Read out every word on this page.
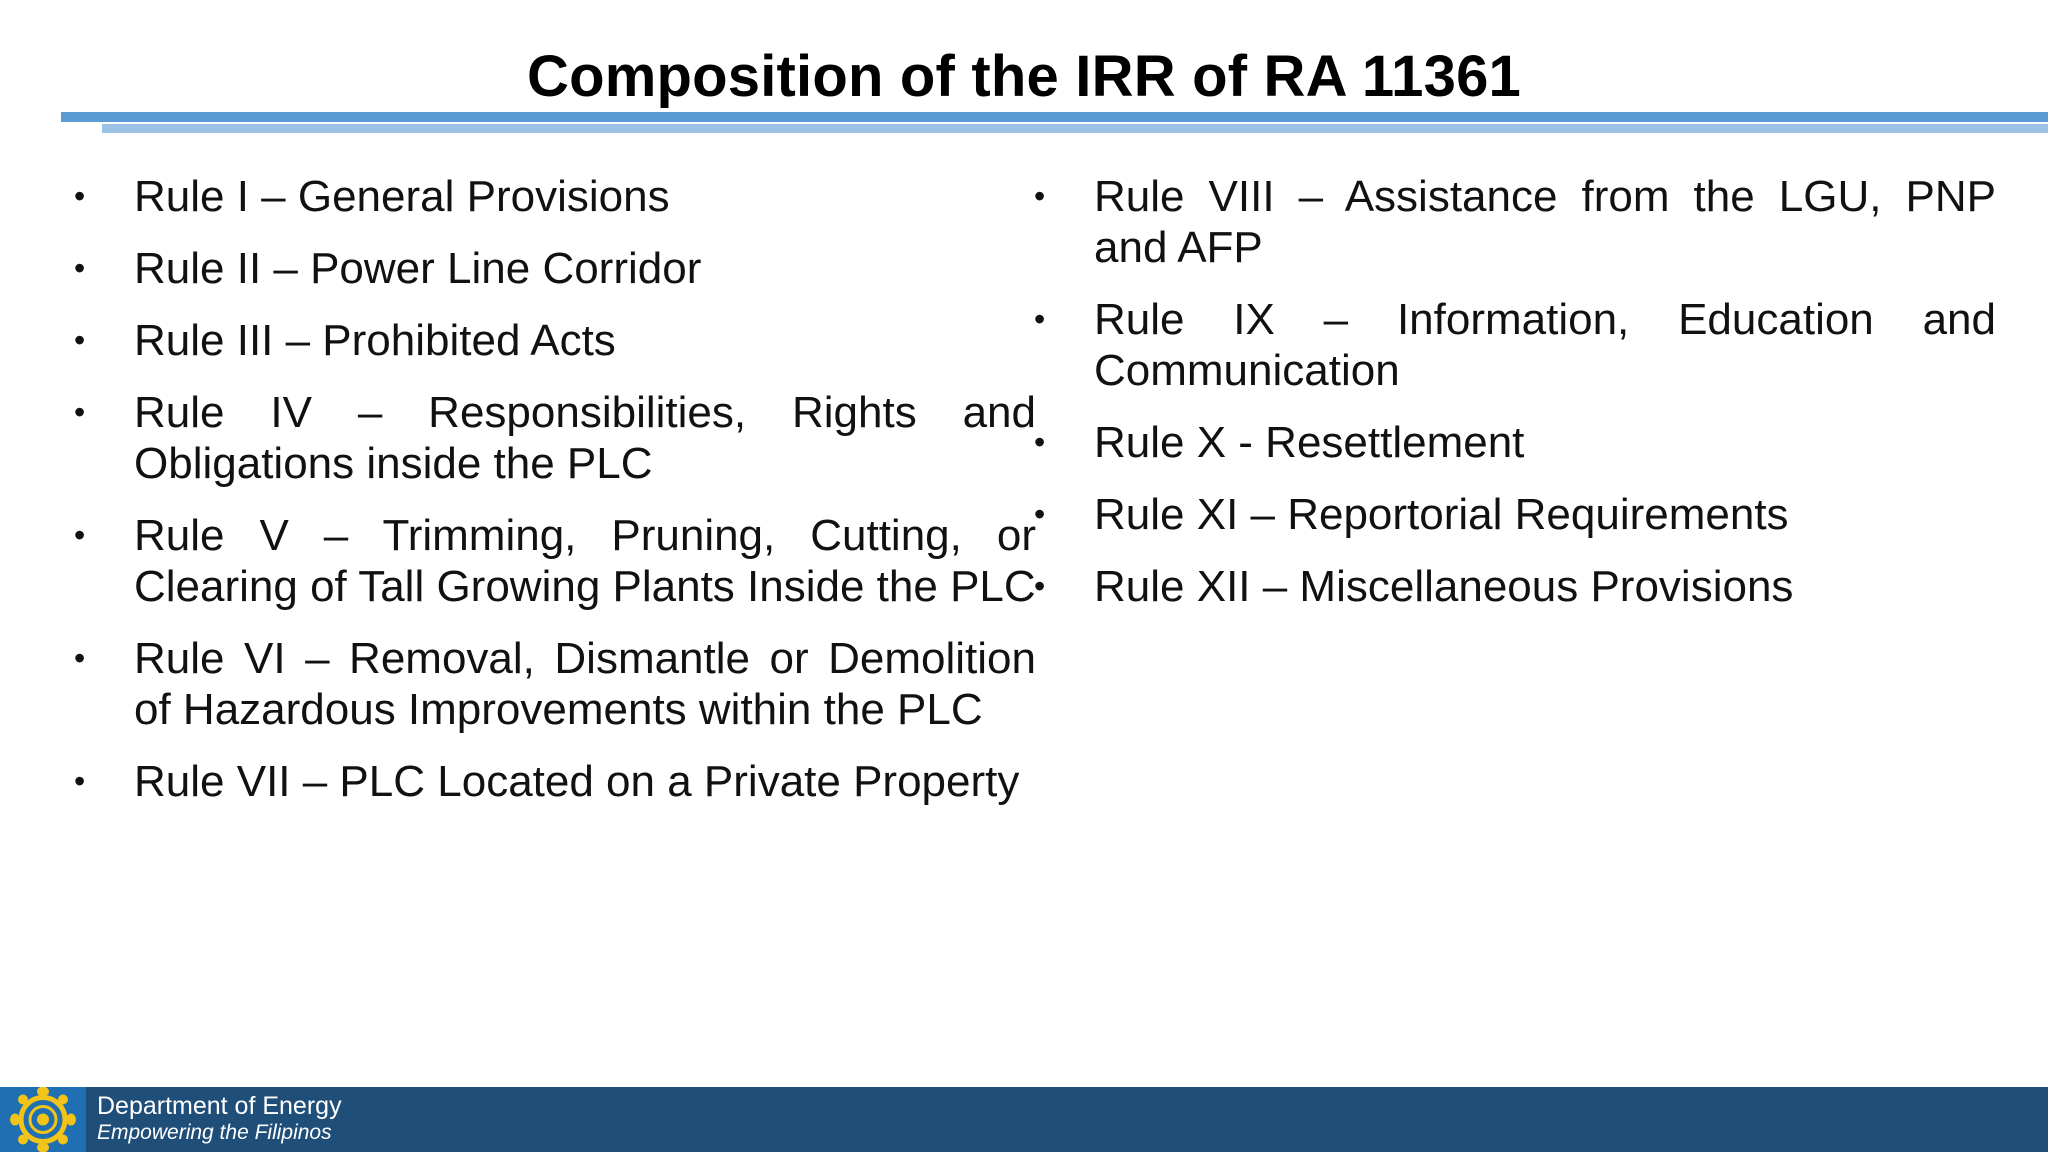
Composition of the IRR of RA 11361
•	Rule I – General Provisions
•	Rule II – Power Line Corridor
•	Rule III – Prohibited Acts
•	Rule IV – Responsibilities, Rights and Obligations inside the PLC
•	Rule V – Trimming, Pruning, Cutting, or Clearing of Tall Growing Plants Inside the PLC
•	Rule VI – Removal, Dismantle or Demolition of Hazardous Improvements within the PLC
•	Rule VII – PLC Located on a Private Property
•	Rule VIII – Assistance from the LGU, PNP and AFP
•	Rule IX – Information, Education and Communication
•	Rule X - Resettlement
•	Rule XI – Reportorial Requirements
•	Rule XII – Miscellaneous Provisions
Department of Energy
Empowering the Filipinos
